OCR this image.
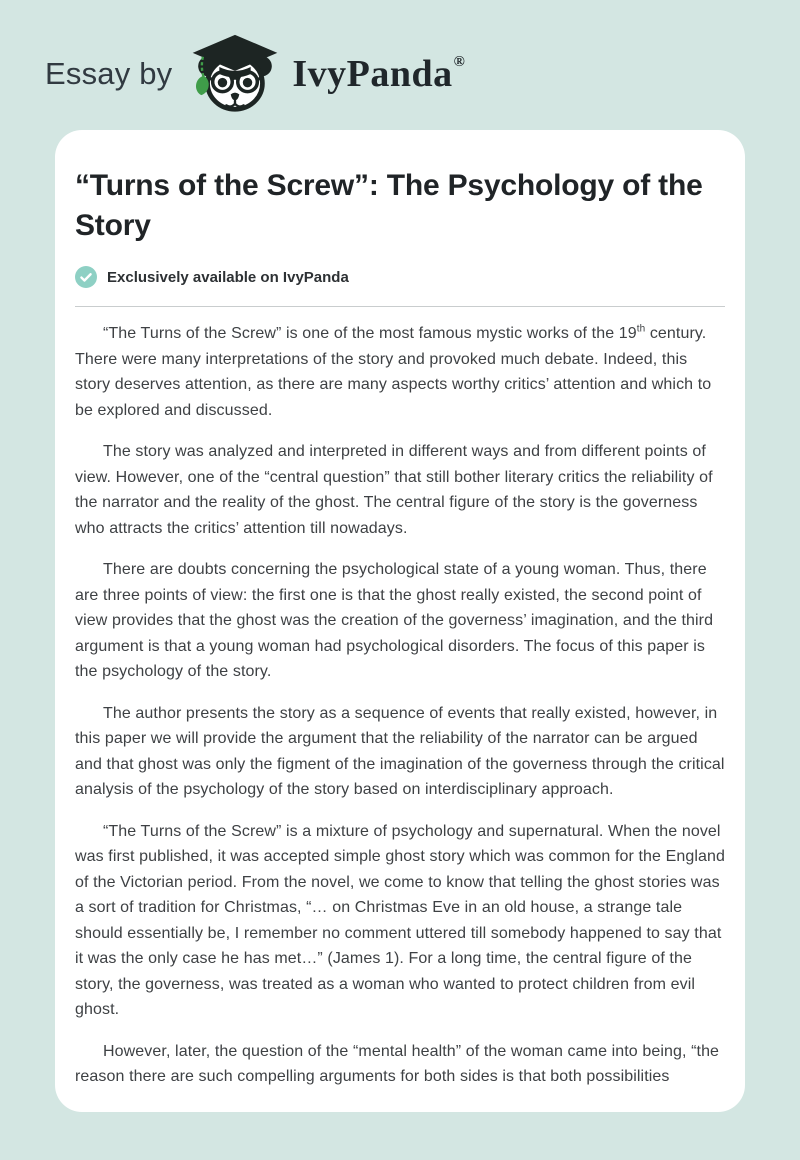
Essay by	IvyPanda®
“Turns of the Screw”: The Psychology of the Story
Exclusively available on IvyPanda

“The Turns of the Screw” is one of the most famous mystic works of the 19th century. There were many interpretations of the story and provoked much debate. Indeed, this story deserves attention, as there are many aspects worthy critics’ attention and which to be explored and discussed.

The story was analyzed and interpreted in different ways and from different points of view. However, one of the “central question” that still bother literary critics the reliability of the narrator and the reality of the ghost. The central figure of the story is the governess who attracts the critics’ attention till nowadays.

There are doubts concerning the psychological state of a young woman. Thus, there are three points of view: the first one is that the ghost really existed, the second point of view provides that the ghost was the creation of the governess’ imagination, and the third argument is that a young woman had psychological disorders. The focus of this paper is the psychology of the story.

The author presents the story as a sequence of events that really existed, however, in this paper we will provide the argument that the reliability of the narrator can be argued and that ghost was only the figment of the imagination of the governess through the critical analysis of the psychology of the story based on interdisciplinary approach.

“The Turns of the Screw” is a mixture of psychology and supernatural. When the novel was first published, it was accepted simple ghost story which was common for the England of the Victorian period. From the novel, we come to know that telling the ghost stories was a sort of tradition for Christmas, “… on Christmas Eve in an old house, a strange tale should essentially be, I remember no comment uttered till somebody happened to say that it was the only case he has met…” (James 1). For a long time, the central figure of the story, the governess, was treated as a woman who wanted to protect children from evil ghost.

However, later, the question of the “mental health” of the woman came into being, “the reason there are such compelling arguments for both sides is that both possibilities
